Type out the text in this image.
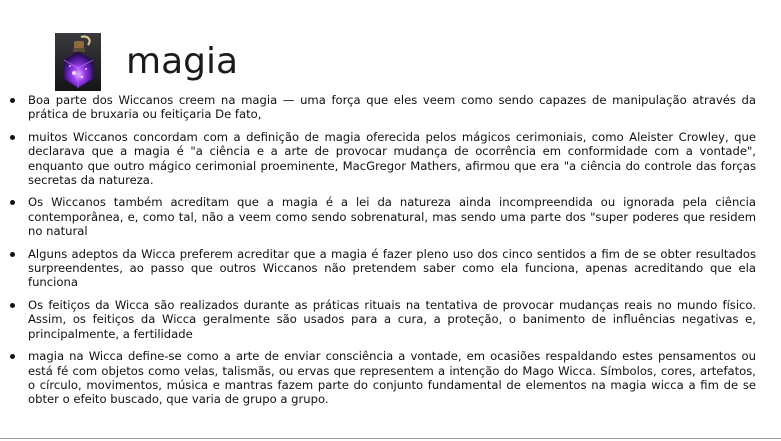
magia
Boa parte dos Wiccanos creem na magia — uma força que eles veem como sendo capazes de manipulação através da prática de bruxaria ou feitiçaria De fato,
muitos Wiccanos concordam com a definição de magia oferecida pelos mágicos cerimoniais, como Aleister Crowley, que declarava que a magia é "a ciência e a arte de provocar mudança de ocorrência em conformidade com a vontade", enquanto que outro mágico cerimonial proeminente, MacGregor Mathers, afirmou que era "a ciência do controle das forças secretas da natureza.
Os Wiccanos também acreditam que a magia é a lei da natureza ainda incompreendida ou ignorada pela ciência contemporânea, e, como tal, não a veem como sendo sobrenatural, mas sendo uma parte dos "super poderes que residem no natural
Alguns adeptos da Wicca preferem acreditar que a magia é fazer pleno uso dos cinco sentidos a fim de se obter resultados surpreendentes, ao passo que outros Wiccanos não pretendem saber como ela funciona, apenas acreditando que ela funciona
Os feitiços da Wicca são realizados durante as práticas rituais na tentativa de provocar mudanças reais no mundo físico. Assim, os feitiços da Wicca geralmente são usados para a cura, a proteção, o banimento de influências negativas e, principalmente, a fertilidade
magia na Wicca define-se como a arte de enviar consciência a vontade, em ocasiões respaldando estes pensamentos ou está fé com objetos como velas, talismãs, ou ervas que representem a intenção do Mago Wicca. Símbolos, cores, artefatos, o círculo, movimentos, música e mantras fazem parte do conjunto fundamental de elementos na magia wicca a fim de se obter o efeito buscado, que varia de grupo a grupo.
